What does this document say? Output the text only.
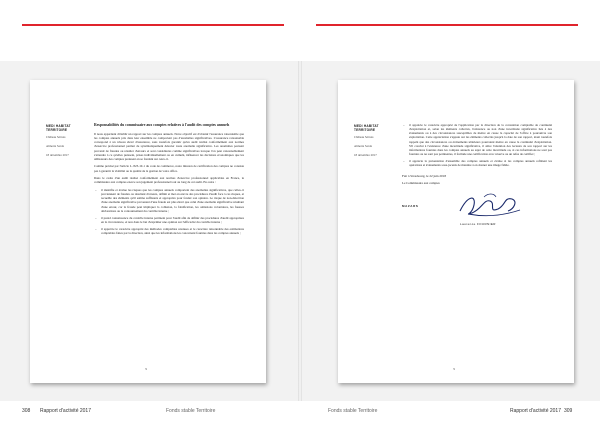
MEDI HABITAT
TERRITOIRE
Château Sétrois
Almeria Sarda
18 décembre 2017
Responsabilités du commissaire aux comptes relatives à l'audit des comptes annuels

Il nous appartient d'établir un rapport sur les comptes annuels. Notre objectif est d'obtenir l'assurance raisonnable que les comptes annuels pris dans leur ensemble ne comportent pas d'anomalies significatives. L'assurance raisonnable correspond à un niveau élevé d'assurance, sans toutefois garantir qu'un audit réalisé conformément aux normes d'exercice professionnel permet de systématiquement détecter toute anomalie significative. Les anomalies peuvent provenir de fraudes ou résulter d'erreurs et sont considérées comme significatives lorsque l'on peut raisonnablement s'attendre à ce qu'elles puissent, prises individuellement ou en cumulé, influencer les décisions économiques que les utilisateurs des comptes prennent en se fondant sur ceux-ci.

Comme précisé par l'article L. 823-10-1 du code de commerce, notre mission de certification des comptes ne consiste pas à garantir la viabilité ou la qualité de la gestion de votre office.

Dans le cadre d'un audit réalisé conformément aux normes d'exercice professionnel applicables en France, le commissaire aux comptes exerce son jugement professionnel tout au long de cet audit. En outre :

– il identifie et évalue les risques que les comptes annuels comportent des anomalies significatives, que celles-ci proviennent de fraudes ou résultent d'erreurs, définit et met en œuvre des procédures d'audit face à ces risques, et recueille des éléments qu'il estime suffisants et appropriés pour fonder son opinion. Le risque de non-détection d'une anomalie significative provenant d'une fraude est plus élevé que celui d'une anomalie significative résultant d'une erreur, car la fraude peut impliquer la collusion, la falsification, les omissions volontaires, les fausses déclarations ou le contournement du contrôle interne ;
– il prend connaissance du contrôle interne pertinent pour l'audit afin de définir des procédures d'audit appropriées en la circonstance, et non dans le but d'exprimer une opinion sur l'efficacité du contrôle interne ;
– il apprécie le caractère approprié des méthodes comptables retenues et le caractère raisonnable des estimations comptables faites par la direction, ainsi que les informations les concernant fournies dans les comptes annuels ;
3
MEDI HABITAT
TERRITOIRE
Château Sétrois
Almeria Sarda
18 décembre 2017
– il apprécie le caractère approprié de l'application par la direction de la convention comptable de continuité d'exploitation et, selon les éléments collectés, l'existence ou non d'une incertitude significative liée à des événements ou à des circonstances susceptibles de mettre en cause la capacité de l'office à poursuivre son exploitation. Cette appréciation s'appuie sur les éléments collectés jusqu'à la date de son rapport, étant toutefois rappelé que des circonstances ou événements ultérieurs pourraient mettre en cause la continuité d'exploitation. S'il conclut à l'existence d'une incertitude significative, il attire l'attention des lecteurs de son rapport sur les informations fournies dans les comptes annuels au sujet de cette incertitude ou, si ces informations ne sont pas fournies ou ne sont pas pertinentes, il formule une certification avec réserve ou un refus de certifier ;
– il apprécie la présentation d'ensemble des comptes annuels et évalue si les comptes annuels reflètent les opérations et événements sous-jacents de manière à en donner une image fidèle.
Fait à Strasbourg, le 22 juin 2018
Le Commissaire aux comptes
MAZARS
Laurence FOURNIER
3
308 Rapport d'activité 2017	Fonds stable Territoire	Fonds stable Territoire	Rapport d'activité 2017 309
